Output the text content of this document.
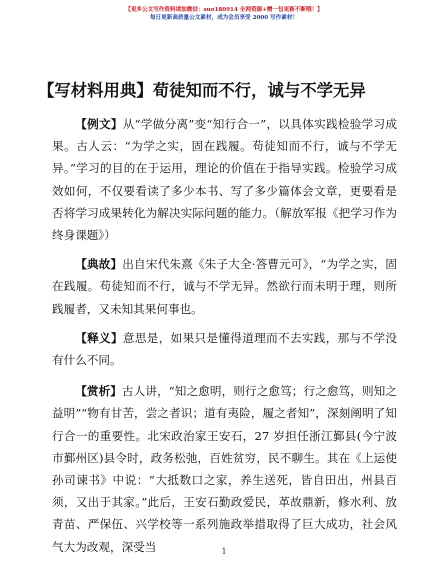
【更多公文写作资料请加微信：suo180914 全网资源+赠一包更新不断哦！】
每日更新高质量公文素材，成为会员享受 2000 写作素材！
【写材料用典】荀徒知而不行，诚与不学无异

【例文】从“学做分离”变“知行合一”，以具体实践检验学习成果。古人云：“为学之实，固在践履。苟徒知而不行，诚与不学无异。”学习的目的在于运用，理论的价值在于指导实践。检验学习成效如何，不仅要看读了多少本书、写了多少篇体会文章，更要看是否将学习成果转化为解决实际问题的能力。（解放军报《把学习作为终身课题》）

【典故】出自宋代朱熹《朱子大全·答曹元可》，“为学之实，固在践履。苟徒知而不行，诚与不学无异。然欲行而未明于理，则所践履者，又未知其果何事也。

【释义】意思是，如果只是懂得道理而不去实践，那与不学没有什么不同。

【赏析】古人讲，“知之愈明，则行之愈笃；行之愈笃，则知之益明”“物有甘苦，尝之者识；道有夷险，履之者知”，深刻阐明了知行合一的重要性。北宋政治家王安石，27 岁担任浙江鄞县(今宁波市鄞州区)县令时，政务松弛，百姓贫穷，民不聊生。其在《上运使孙司谏书》中说：“大抵数口之家，养生送死，皆自田出，州县百须，又出于其家。”此后，王安石勤政爱民，革故鼎新，修水利、放青苗、严保伍、兴学校等一系列施政举措取得了巨大成功，社会风气大为改观，深受当	1
